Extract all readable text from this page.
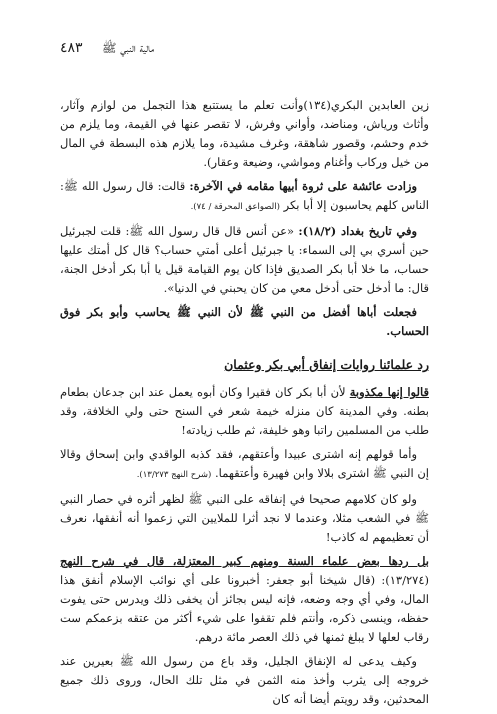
٤٨٣ مالية النبي ﷺ

زين العابدين البكري(١٣٤)وأنت تعلم ما يستتبع هذا التجمل من لوازم وآثار، وأثاث ورياش، ومناضد، وأواني وفرش، لا تقصر عنها في القيمة، وما يلزم من خدم وحشم، وقصور شاهقة، وغرف مشيدة، وما يلازم هذه البسطة في المال من خيل وركاب وأغنام ومواشي، وضيعة وعقار).

وزادت عائشة على ثروة أبيها مقامه في الآخرة: قالت: قال رسول الله ﷺ: الناس كلهم يحاسبون إلا أبا بكر (الصواعق المحرقة / ٧٤).

وفي تاريخ بغداد (١٨/٢): «عن أنس قال قال رسول الله ﷺ: قلت لجبرئيل حين أسري بي إلى السماء: يا جبرئيل أعلى أمتي حساب؟ قال كل أمتك عليها حساب، ما خلا أبا بكر الصديق فإذا كان يوم القيامة قيل يا أبا بكر أدخل الجنة، قال: ما أدخل حتى أدخل معي من كان يحبني في الدنيا».

فجعلت أباها أفضل من النبي ﷺ لأن النبي ﷺ يحاسب وأبو بكر فوق الحساب.

رد علمائنا روايات إنفاق أبي بكر وعثمان

قالوا إنها مكذوبة لأن أبا بكر كان فقيرا وكان أبوه يعمل عند ابن جدعان بطعام بطنه. وفي المدينة كان منزله خيمة شعر في السنح حتى ولي الخلافة، وقد طلب من المسلمين راتبا وهو خليفة، ثم طلب زيادته!

وأما قولهم إنه اشترى عبيدا وأعتقهم، فقد كذبه الواقدي وابن إسحاق وقالا إن النبي ﷺ اشترى بلالا وابن فهيرة وأعتقهما. (شرح النهج ١٣/٢٧٣).

ولو كان كلامهم صحيحا في إنفاقه على النبي ﷺ لظهر أثره في حصار النبي ﷺ في الشعب مثلا، وعندما لا نجد أثرا للملايين التي زعموا أنه أنفقها، نعرف أن تعظيمهم له كاذب!

بل ردها بعض علماء السنة ومنهم كبير المعتزلة، قال في شرح النهج (١٣/٢٧٤): (قال شيخنا أبو جعفر: أخبرونا على أي نوائب الإسلام أنفق هذا المال، وفي أي وجه وضعه، فإنه ليس بجائز أن يخفى ذلك ويدرس حتى يفوت حفظه، وينسى ذكره، وأنتم فلم تقفوا على شيء أكثر من عتقه بزعمكم ست رقاب لعلها لا يبلغ ثمنها في ذلك العصر مائة درهم.

وكيف يدعى له الإنفاق الجليل، وقد باع من رسول الله ﷺ بعيرين عند خروجه إلى يثرب وأخذ منه الثمن في مثل تلك الحال، وروى ذلك جميع المحدثين، وقد رويتم أيضا أنه كان
